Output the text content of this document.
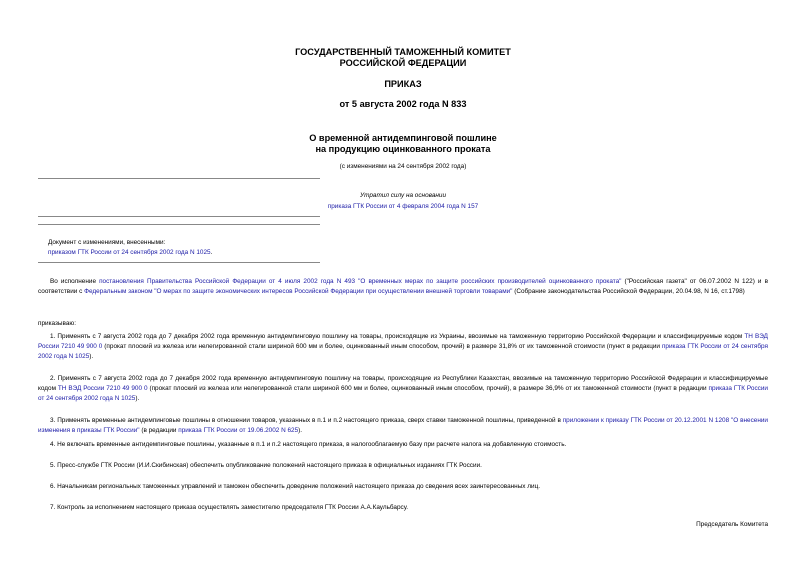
ГОСУДАРСТВЕННЫЙ ТАМОЖЕННЫЙ КОМИТЕТ
РОССИЙСКОЙ ФЕДЕРАЦИИ
ПРИКАЗ
от 5 августа 2002 года N 833
О временной антидемпинговой пошлине
на продукцию оцинкованного проката
(с изменениями на 24 сентября 2002 года)
Утратил силу на основании
приказа ГТК России от 4 февраля 2004 года N 157
Документ с изменениями, внесенными:
приказом ГТК России от 24 сентября 2002 года N 1025.
Во исполнение постановления Правительства Российской Федерации от 4 июля 2002 года N 493 "О временных мерах по защите российских производителей оцинкованного проката" ("Российская газета" от 06.07.2002 N 122) и в соответствии с Федеральным законом "О мерах по защите экономических интересов Российской Федерации при осуществлении внешней торговли товарами" (Собрание законодательства Российской Федерации, 20.04.98, N 16, ст.1798)
приказываю:
1. Применять с 7 августа 2002 года до 7 декабря 2002 года временную антидемпинговую пошлину на товары, происходящие из Украины, ввозимые на таможенную территорию Российской Федерации и классифицируемые кодом ТН ВЭД России 7210 49 900 0 (прокат плоский из железа или нелегированной стали шириной 600 мм и более, оцинкованный иным способом, прочий) в размере 31,8% от их таможенной стоимости (пункт в редакции приказа ГТК России от 24 сентября 2002 года N 1025).
2. Применять с 7 августа 2002 года до 7 декабря 2002 года временную антидемпинговую пошлину на товары, происходящие из Республики Казахстан, ввозимые на таможенную территорию Российской Федерации и классифицируемые кодом ТН ВЭД России 7210 49 900 0 (прокат плоский из железа или нелегированной стали шириной 600 мм и более, оцинкованный иным способом, прочий), в размере 36,9% от их таможенной стоимости (пункт в редакции приказа ГТК России от 24 сентября 2002 года N 1025).
3. Применять временные антидемпинговые пошлины в отношении товаров, указанных в п.1 и п.2 настоящего приказа, сверх ставки таможенной пошлины, приведенной в приложении к приказу ГТК России от 20.12.2001 N 1208 "О внесении изменения в приказы ГТК России" (в редакции приказа ГТК России от 19.06.2002 N 625).
4. Не включать временные антидемпинговые пошлины, указанные в п.1 и п.2 настоящего приказа, в налогооблагаемую базу при расчете налога на добавленную стоимость.
5. Пресс-службе ГТК России (И.И.Скибинская) обеспечить опубликование положений настоящего приказа в официальных изданиях ГТК России.
6. Начальникам региональных таможенных управлений и таможен обеспечить доведение положений настоящего приказа до сведения всех заинтересованных лиц.
7. Контроль за исполнением настоящего приказа осуществлять заместителю председателя ГТК России А.А.Каульбарсу.
Председатель Комитета
